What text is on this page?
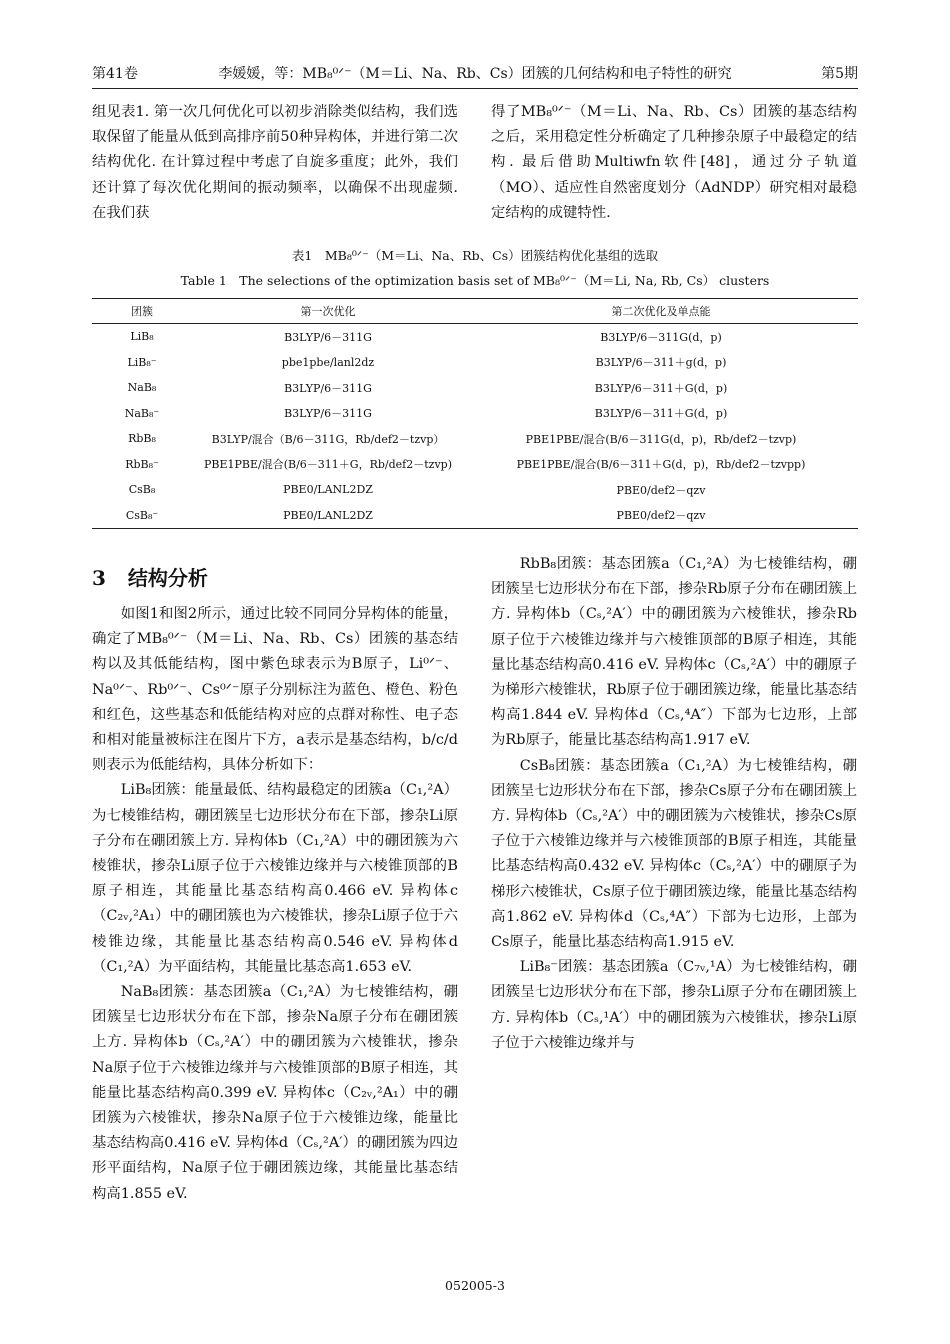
第41卷	李媛媛，等：MB₈⁰ᐟ⁻（M＝Li、Na、Rb、Cs）团簇的几何结构和电子特性的研究	第5期

组见表1. 第一次几何优化可以初步消除类似结构，我们选取保留了能量从低到高排序前50种异构体，并进行第二次结构优化. 在计算过程中考虑了自旋多重度；此外，我们还计算了每次优化期间的振动频率，以确保不出现虚频. 在我们获

得了MB₈⁰ᐟ⁻（M＝Li、Na、Rb、Cs）团簇的基态结构之后，采用稳定性分析确定了几种掺杂原子中最稳定的结构. 最后借助Multiwfn软件[48]，通过分子轨道（MO）、适应性自然密度划分（AdNDP）研究相对最稳定结构的成键特性.

表1　MB₈⁰ᐟ⁻（M＝Li、Na、Rb、Cs）团簇结构优化基组的选取
Table 1　The selections of the optimization basis set of MB₈⁰ᐟ⁻（M＝Li, Na, Rb, Cs） clusters
团簇	第一次优化	第二次优化及单点能
LiB₈	B3LYP/6－311G	B3LYP/6－311G(d，p)
LiB₈⁻	pbe1pbe/lanl2dz	B3LYP/6－311＋g(d，p)
NaB₈	B3LYP/6－311G	B3LYP/6－311＋G(d，p)
NaB₈⁻	B3LYP/6－311G	B3LYP/6－311＋G(d，p)
RbB₈	B3LYP/混合（B/6－311G，Rb/def2－tzvp）	PBE1PBE/混合(B/6－311G(d，p)，Rb/def2－tzvp)
RbB₈⁻	PBE1PBE/混合(B/6－311＋G，Rb/def2－tzvp)	PBE1PBE/混合(B/6－311＋G(d，p)，Rb/def2－tzvpp)
CsB₈	PBE0/LANL2DZ	PBE0/def2－qzv
CsB₈⁻	PBE0/LANL2DZ	PBE0/def2－qzv
3 结构分析

如图1和图2所示，通过比较不同同分异构体的能量，确定了MB₈⁰ᐟ⁻（M＝Li、Na、Rb、Cs）团簇的基态结构以及其低能结构，图中紫色球表示为B原子，Li⁰ᐟ⁻、Na⁰ᐟ⁻、Rb⁰ᐟ⁻、Cs⁰ᐟ⁻原子分别标注为蓝色、橙色、粉色和红色，这些基态和低能结构对应的点群对称性、电子态和相对能量被标注在图片下方，a表示是基态结构，b/c/d则表示为低能结构，具体分析如下：

LiB₈团簇：能量最低、结构最稳定的团簇a（C₁,²A）为七棱锥结构，硼团簇呈七边形状分布在下部，掺杂Li原子分布在硼团簇上方. 异构体b（C₁,²A）中的硼团簇为六棱锥状，掺杂Li原子位于六棱锥边缘并与六棱锥顶部的B原子相连，其能量比基态结构高0.466 eV. 异构体c（C₂ᵥ,²A₁）中的硼团簇也为六棱锥状，掺杂Li原子位于六棱锥边缘，其能量比基态结构高0.546 eV. 异构体d（C₁,²A）为平面结构，其能量比基态高1.653 eV.

NaB₈团簇：基态团簇a（C₁,²A）为七棱锥结构，硼团簇呈七边形状分布在下部，掺杂Na原子分布在硼团簇上方. 异构体b（Cₛ,²A′）中的硼团簇为六棱锥状，掺杂Na原子位于六棱锥边缘并与六棱锥顶部的B原子相连，其能量比基态结构高0.399 eV. 异构体c（C₂ᵥ,²A₁）中的硼团簇为六棱锥状，掺杂Na原子位于六棱锥边缘，能量比基态结构高0.416 eV. 异构体d（Cₛ,²A′）的硼团簇为四边形平面结构，Na原子位于硼团簇边缘，其能量比基态结构高1.855 eV.

RbB₈团簇：基态团簇a（C₁,²A）为七棱锥结构，硼团簇呈七边形状分布在下部，掺杂Rb原子分布在硼团簇上方. 异构体b（Cₛ,²A′）中的硼团簇为六棱锥状，掺杂Rb原子位于六棱锥边缘并与六棱锥顶部的B原子相连，其能量比基态结构高0.416 eV. 异构体c（Cₛ,²A′）中的硼原子为梯形六棱锥状，Rb原子位于硼团簇边缘，能量比基态结构高1.844 eV. 异构体d（Cₛ,⁴A″）下部为七边形，上部为Rb原子，能量比基态结构高1.917 eV.

CsB₈团簇：基态团簇a（C₁,²A）为七棱锥结构，硼团簇呈七边形状分布在下部，掺杂Cs原子分布在硼团簇上方. 异构体b（Cₛ,²A′）中的硼团簇为六棱锥状，掺杂Cs原子位于六棱锥边缘并与六棱锥顶部的B原子相连，其能量比基态结构高0.432 eV. 异构体c（Cₛ,²A′）中的硼原子为梯形六棱锥状，Cs原子位于硼团簇边缘，能量比基态结构高1.862 eV. 异构体d（Cₛ,⁴A″）下部为七边形，上部为Cs原子，能量比基态结构高1.915 eV.

LiB₈⁻团簇：基态团簇a（C₇ᵥ,¹A）为七棱锥结构，硼团簇呈七边形状分布在下部，掺杂Li原子分布在硼团簇上方. 异构体b（Cₛ,¹A′）中的硼团簇为六棱锥状，掺杂Li原子位于六棱锥边缘并与

052005-3
